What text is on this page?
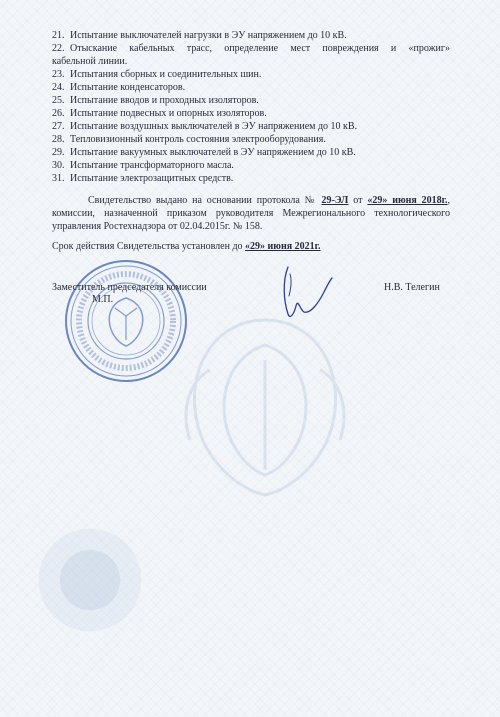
21. Испытание выключателей нагрузки в ЭУ напряжением до 10 кВ.
22. Отыскание кабельных трасс, определение мест повреждения и «прожиг»
кабельной линии.
23. Испытания сборных и соединительных шин.
24. Испытание конденсаторов.
25. Испытание вводов и проходных изоляторов.
26. Испытание подвесных и опорных изоляторов.
27. Испытание воздушных выключателей в ЭУ напряжением до 10 кВ.
28. Тепловизионный контроль состояния электрооборудования.
29. Испытание вакуумных выключателей в ЭУ напряжением до 10 кВ.
30. Испытание трансформаторного масла.
31. Испытание электрозащитных средств.
Свидетельство выдано на основании протокола № 29-ЭЛ от «29» июня 2018г., комиссии, назначенной приказом руководителя Межрегионального технологического управления Ростехнадзора от 02.04.2015г. № 158.
Срок действия Свидетельства установлен до «29» июня 2021г.
Заместитель председателя комиссии
М.П.
Н.В. Телегин
